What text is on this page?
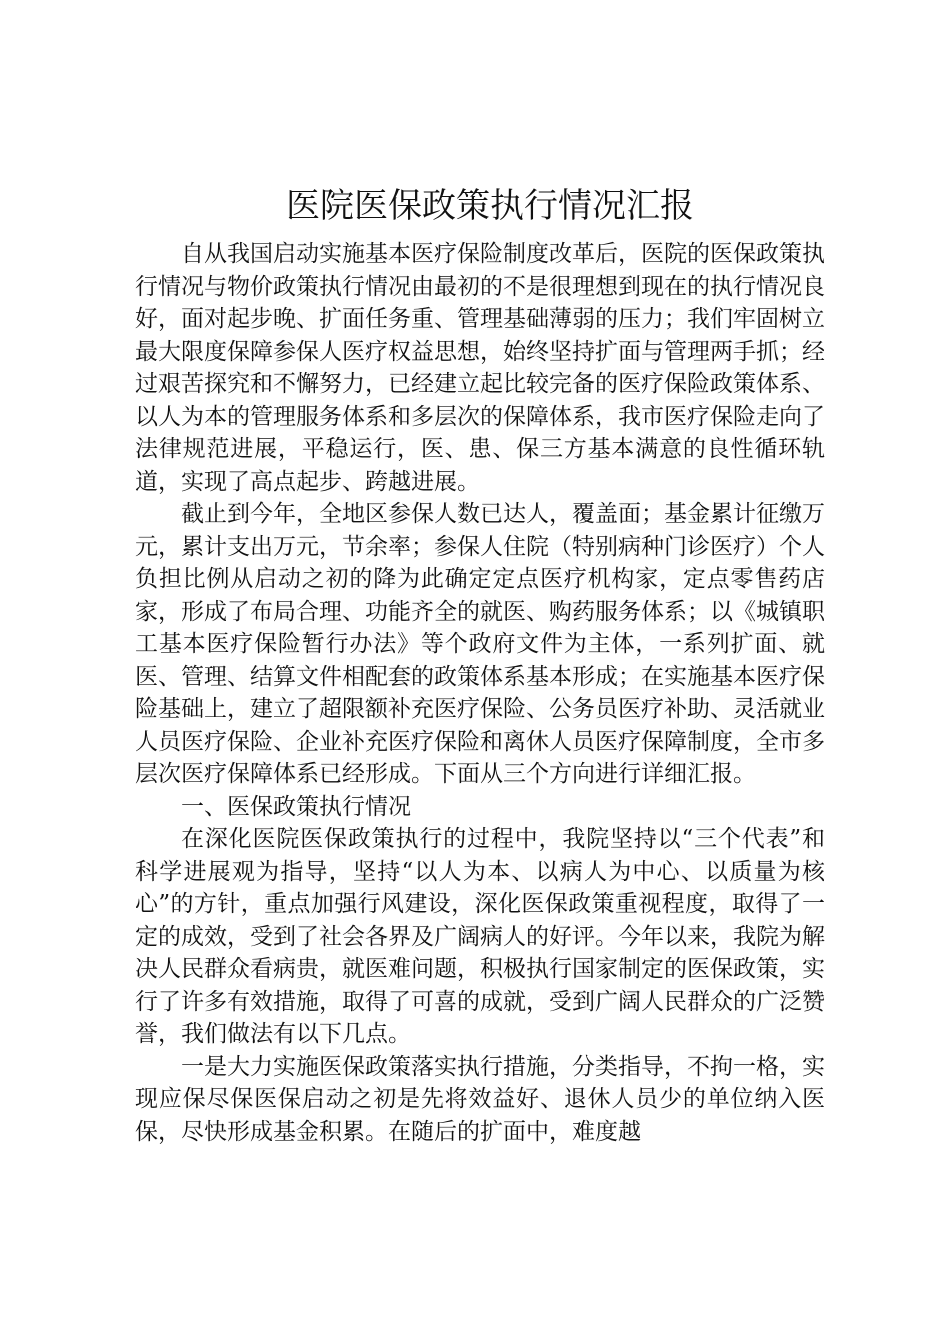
医院医保政策执行情况汇报

自从我国启动实施基本医疗保险制度改革后，医院的医保政策执行情况与物价政策执行情况由最初的不是很理想到现在的执行情况良好，面对起步晚、扩面任务重、管理基础薄弱的压力；我们牢固树立最大限度保障参保人医疗权益思想，始终坚持扩面与管理两手抓；经过艰苦探究和不懈努力，已经建立起比较完备的医疗保险政策体系、以人为本的管理服务体系和多层次的保障体系，我市医疗保险走向了法律规范进展，平稳运行，医、患、保三方基本满意的良性循环轨道，实现了高点起步、跨越进展。

截止到今年，全地区参保人数已达人，覆盖面；基金累计征缴万元，累计支出万元，节余率；参保人住院（特别病种门诊医疗）个人负担比例从启动之初的降为此确定定点医疗机构家，定点零售药店家，形成了布局合理、功能齐全的就医、购药服务体系；以《城镇职工基本医疗保险暂行办法》等个政府文件为主体，一系列扩面、就医、管理、结算文件相配套的政策体系基本形成；在实施基本医疗保险基础上，建立了超限额补充医疗保险、公务员医疗补助、灵活就业人员医疗保险、企业补充医疗保险和离休人员医疗保障制度，全市多层次医疗保障体系已经形成。下面从三个方向进行详细汇报。

一、医保政策执行情况

在深化医院医保政策执行的过程中，我院坚持以“三个代表”和科学进展观为指导，坚持“以人为本、以病人为中心、以质量为核心”的方针，重点加强行风建设，深化医保政策重视程度，取得了一定的成效，受到了社会各界及广阔病人的好评。今年以来，我院为解决人民群众看病贵，就医难问题，积极执行国家制定的医保政策，实行了许多有效措施，取得了可喜的成就，受到广阔人民群众的广泛赞誉，我们做法有以下几点。

一是大力实施医保政策落实执行措施，分类指导，不拘一格，实现应保尽保医保启动之初是先将效益好、退休人员少的单位纳入医保，尽快形成基金积累。在随后的扩面中，难度越
